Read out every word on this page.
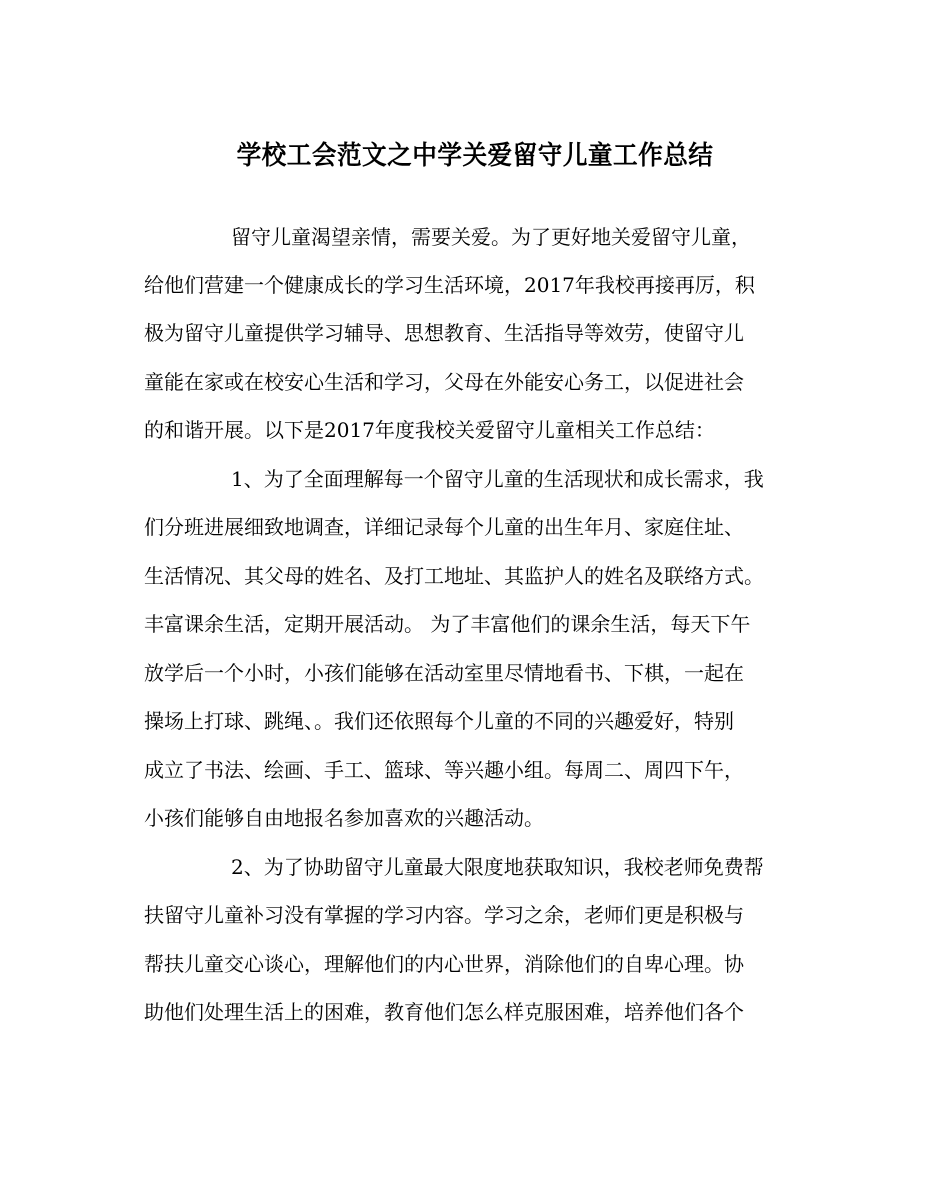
学校工会范文之中学关爱留守儿童工作总结

留守儿童渴望亲情，需要关爱。为了更好地关爱留守儿童，

给他们营建一个健康成长的学习生活环境，2017年我校再接再厉，积

极为留守儿童提供学习辅导、思想教育、生活指导等效劳，使留守儿

童能在家或在校安心生活和学习，父母在外能安心务工，以促进社会

的和谐开展。以下是2017年度我校关爱留守儿童相关工作总结：

1、为了全面理解每一个留守儿童的生活现状和成长需求，我

们分班进展细致地调查，详细记录每个儿童的出生年月、家庭住址、

生活情况、其父母的姓名、及打工地址、其监护人的姓名及联络方式。

丰富课余生活，定期开展活动。 为了丰富他们的课余生活，每天下午

放学后一个小时，小孩们能够在活动室里尽情地看书、下棋，一起在

操场上打球、跳绳、。我们还依照每个儿童的不同的兴趣爱好，特别

成立了书法、绘画、手工、篮球、等兴趣小组。每周二、周四下午，

小孩们能够自由地报名参加喜欢的兴趣活动。

2、为了协助留守儿童最大限度地获取知识，我校老师免费帮

扶留守儿童补习没有掌握的学习内容。学习之余，老师们更是积极与

帮扶儿童交心谈心，理解他们的内心世界，消除他们的自卑心理。协

助他们处理生活上的困难，教育他们怎么样克服困难，培养他们各个
